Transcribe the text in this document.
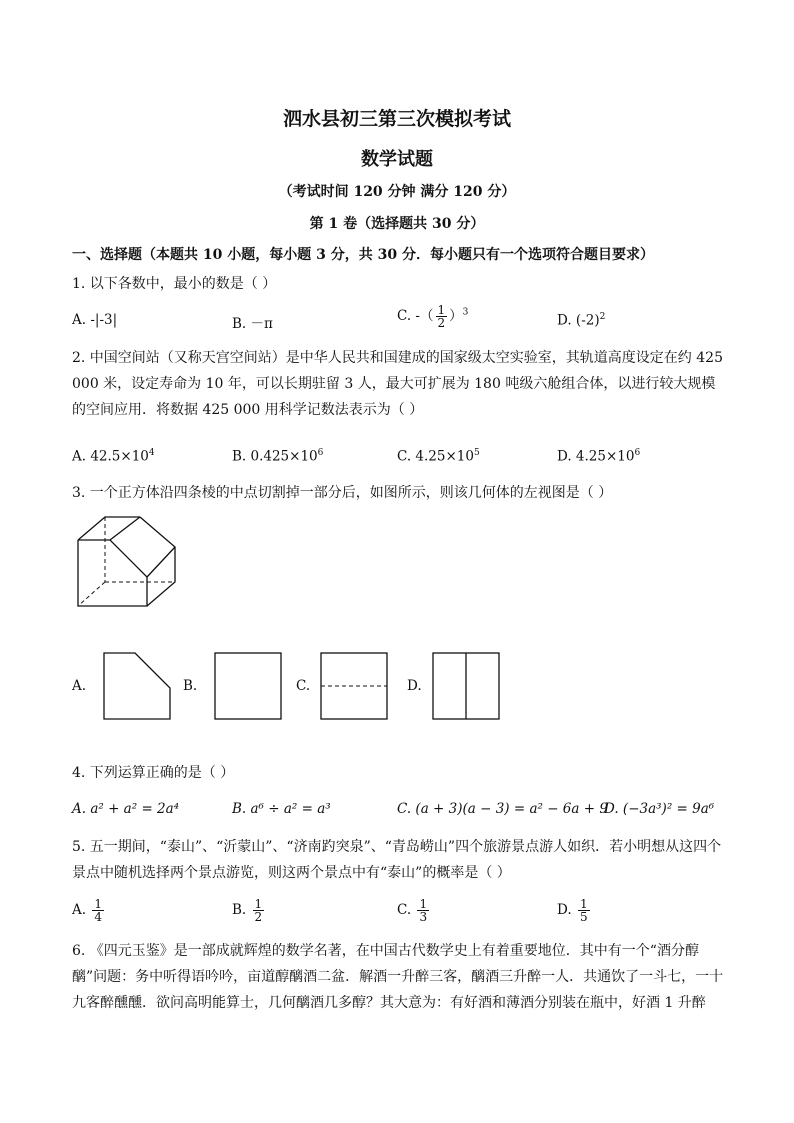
泗水县初三第三次模拟考试
数学试题
（考试时间 120 分钟 满分 120 分）
第 1 卷（选择题共 30 分）
一、选择题（本题共 10 小题，每小题 3 分，共 30 分．每小题只有一个选项符合题目要求）
1. 以下各数中，最小的数是（ ）
A. -|-3|	B. －π	C. -（ $\frac{1}{2} )^3$	D. $(-2)^2$
2. 中国空间站（又称天宫空间站）是中华人民共和国建成的国家级太空实验室，其轨道高度设定在约 425 000 米，设定寿命为 10 年，可以长期驻留 3 人，最大可扩展为 180 吨级六舱组合体，以进行较大规模的空间应用．将数据 425 000 用科学记数法表示为（ ）
A. $42.5\times 10^4$	B. $0.425\times 10^6$	C. $4.25\times 10^5$	D. $4.25\times 10^6$
3. 一个正方体沿四条棱的中点切割掉一部分后，如图所示，则该几何体的左视图是（ ）
A.	B.	C.	D.
4. 下列运算正确的是（ ）
A. a² + a² = 2a⁴	B. a⁶ ÷ a² = a³	C. (a + 3)(a − 3) = a² − 6a + 9
D. (−3a³)² = 9a⁶
5. 五一期间，“泰山”、“沂蒙山”、“济南趵突泉”、“青岛崂山”四个旅游景点游人如织．若小明想从这四个景点中随机选择两个景点游览，则这两个景点中有“泰山”的概率是（ ）
A. $\frac{1}{4}$	B. $\frac{1}{2}$	C. $\frac{1}{3}$	D. $\frac{1}{5}$
6. 《四元玉鉴》是一部成就辉煌的数学名著，在中国古代数学史上有着重要地位．其中有一个“酒分醇醨”问题：务中听得语吟吟，亩道醇醨酒二盆．解酒一升醉三客，醨酒三升醉一人．共通饮了一斗七，一十九客醉醺醺．欲问高明能算士，几何醨酒几多醇？其大意为：有好酒和薄酒分别装在瓶中，好酒 1 升醉
